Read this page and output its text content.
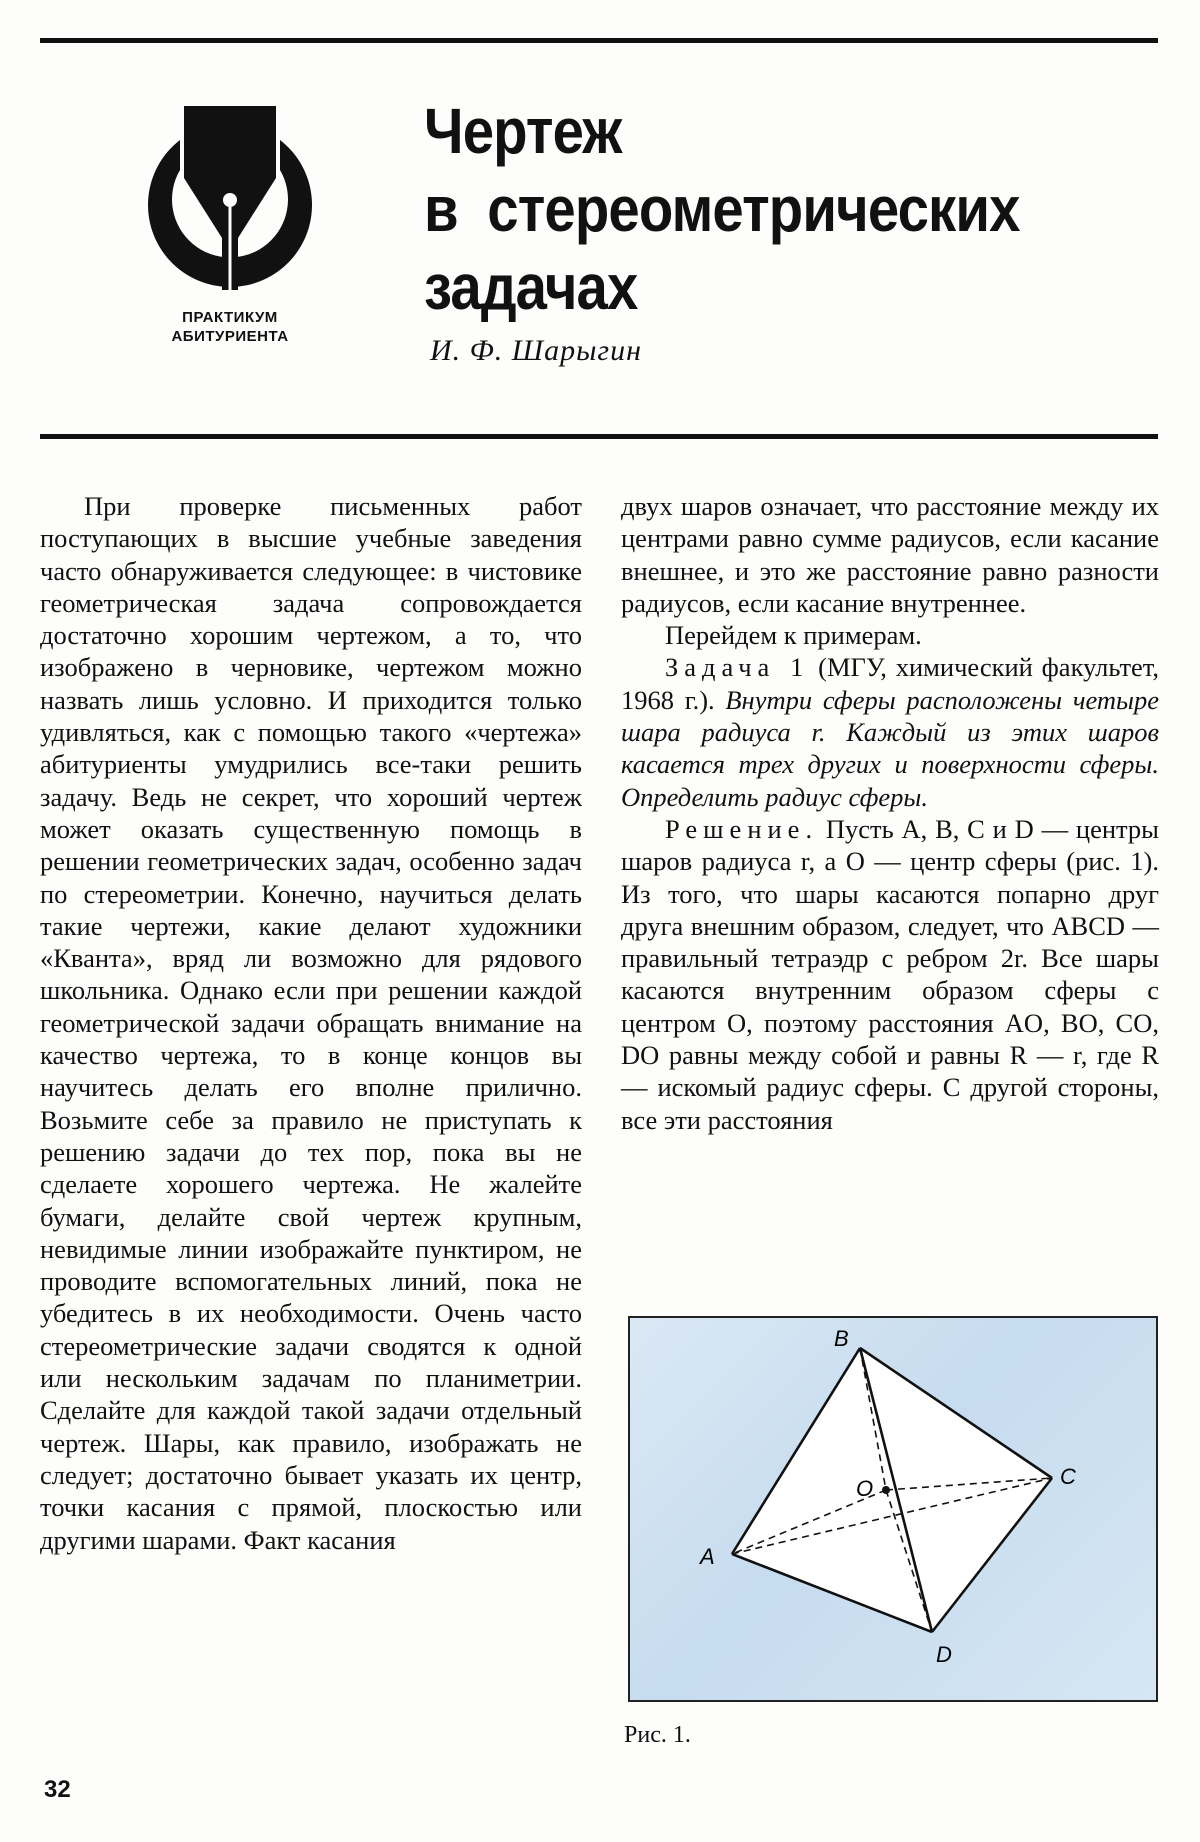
ПРАКТИКУМ
АБИТУРИЕНТА
Чертеж
в  стереометрических
задачах
И. Ф. Шарыгин

При проверке письменных работ поступающих в высшие учебные заведения часто обнаруживается следующее: в чистовике геометрическая задача сопровождается достаточно хорошим чертежом, а то, что изображено в черновике, чертежом можно назвать лишь условно. И приходится только удивляться, как с помощью такого «чертежа» абитуриенты умудрились все-таки решить задачу. Ведь не секрет, что хороший чертеж может оказать существенную помощь в решении геометрических задач, особенно задач по стереометрии. Конечно, научиться делать такие чертежи, какие делают художники «Кванта», вряд ли возможно для рядового школьника. Однако если при решении каждой геометрической задачи обращать внимание на качество чертежа, то в конце концов вы научитесь делать его вполне прилично. Возьмите себе за правило не приступать к решению задачи до тех пор, пока вы не сделаете хорошего чертежа. Не жалейте бумаги, делайте свой чертеж крупным, невидимые линии изображайте пунктиром, не проводите вспомогательных линий, пока не убедитесь в их необходимости. Очень часто стереометрические задачи сводятся к одной или нескольким задачам по планиметрии. Сделайте для каждой такой задачи отдельный чертеж. Шары, как правило, изображать не следует; достаточно бывает указать их центр, точки касания с прямой, плоскостью или другими шарами. Факт касания

двух шаров означает, что расстояние между их центрами равно сумме радиусов, если касание внешнее, и это же расстояние равно разности радиусов, если касание внутреннее.

Перейдем к примерам.

Задача 1 (МГУ, химический факультет, 1968 г.). Внутри сферы расположены четыре шара радиуса r. Каждый из этих шаров касается трех других и поверхности сферы. Определить радиус сферы.

Решение. Пусть A, B, C и D — центры шаров радиуса r, а O — центр сферы (рис. 1). Из того, что шары касаются попарно друг друга внешним образом, следует, что ABCD — правильный тетраэдр с ребром 2r. Все шары касаются внутренним образом сферы с центром O, поэтому расстояния AO, BO, CO, DO равны между собой и равны R — r, где R — искомый радиус сферы. С другой стороны, все эти расстояния

B
C
O
A
D
Рис. 1.
32
